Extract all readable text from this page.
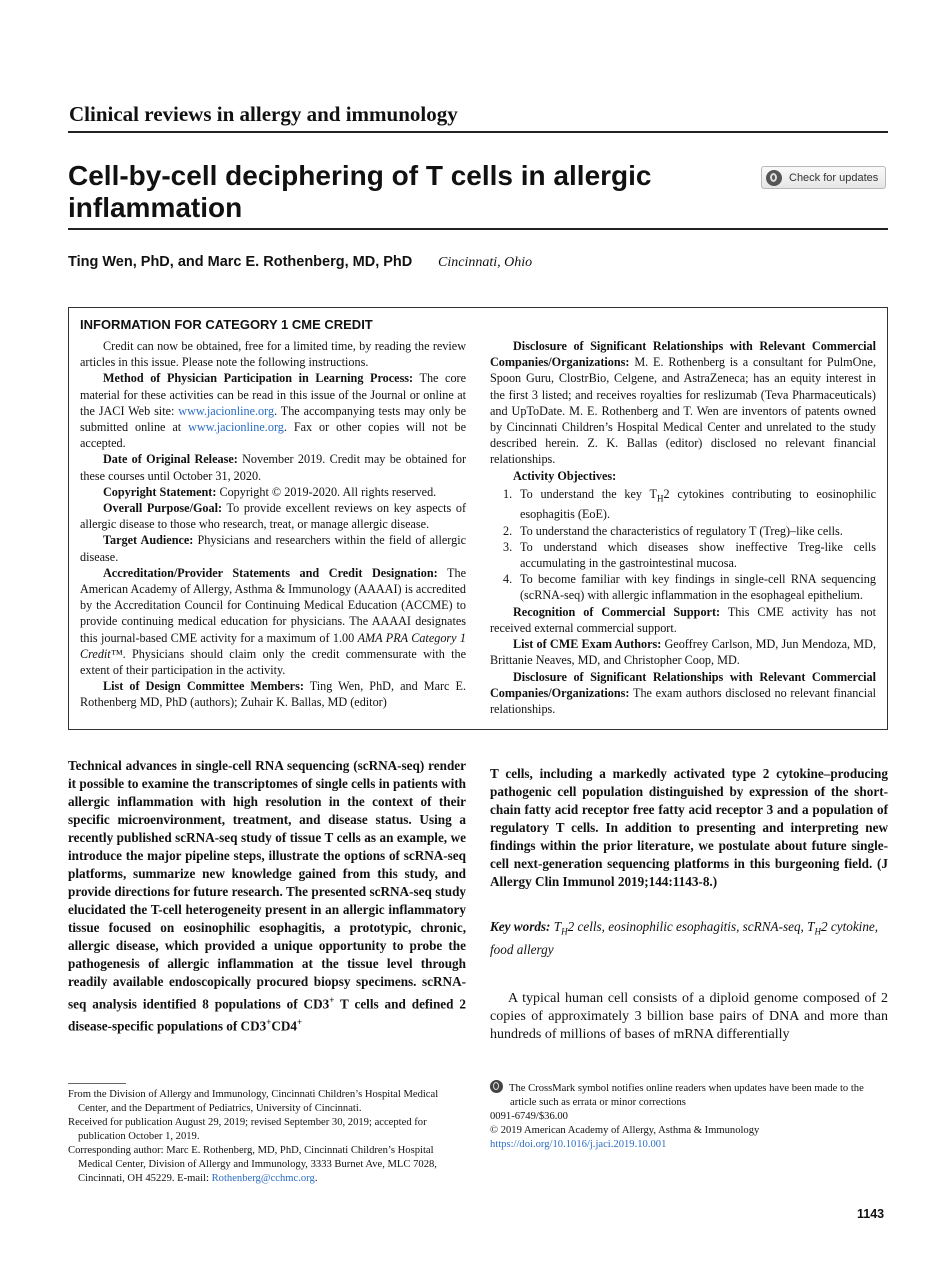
Clinical reviews in allergy and immunology
Cell-by-cell deciphering of T cells in allergic inflammation
Check for updates
Ting Wen, PhD, and Marc E. Rothenberg, MD, PhD Cincinnati, Ohio
INFORMATION FOR CATEGORY 1 CME CREDIT

Credit can now be obtained, free for a limited time, by reading the review articles in this issue. Please note the following instructions.

Method of Physician Participation in Learning Process: The core material for these activities can be read in this issue of the Journal or online at the JACI Web site: www.jacionline.org. The accompanying tests may only be submitted online at www.jacionline.org. Fax or other copies will not be accepted.

Date of Original Release: November 2019. Credit may be obtained for these courses until October 31, 2020.

Copyright Statement: Copyright © 2019-2020. All rights reserved.

Overall Purpose/Goal: To provide excellent reviews on key aspects of allergic disease to those who research, treat, or manage allergic disease.

Target Audience: Physicians and researchers within the field of allergic disease.

Accreditation/Provider Statements and Credit Designation: The American Academy of Allergy, Asthma & Immunology (AAAAI) is accredited by the Accreditation Council for Continuing Medical Education (ACCME) to provide continuing medical education for physicians. The AAAAI designates this journal-based CME activity for a maximum of 1.00 AMA PRA Category 1 Credit™. Physicians should claim only the credit commensurate with the extent of their participation in the activity.

List of Design Committee Members: Ting Wen, PhD, and Marc E. Rothenberg MD, PhD (authors); Zuhair K. Ballas, MD (editor)

Disclosure of Significant Relationships with Relevant Commercial Companies/Organizations: M. E. Rothenberg is a consultant for PulmOne, Spoon Guru, ClostrBio, Celgene, and AstraZeneca; has an equity interest in the first 3 listed; and receives royalties for reslizumab (Teva Pharmaceuticals) and UpToDate. M. E. Rothenberg and T. Wen are inventors of patents owned by Cincinnati Children’s Hospital Medical Center and unrelated to the study described herein. Z. K. Ballas (editor) disclosed no relevant financial relationships.

Activity Objectives:

1. To understand the key $T_H2$ cytokines contributing to eosinophilic esophagitis (EoE).
2. To understand the characteristics of regulatory T (Treg)–like cells.
3. To understand which diseases show ineffective Treg-like cells accumulating in the gastrointestinal mucosa.
4. To become familiar with key findings in single-cell RNA sequencing (scRNA-seq) with allergic inflammation in the esophageal epithelium.

Recognition of Commercial Support: This CME activity has not received external commercial support.

List of CME Exam Authors: Geoffrey Carlson, MD, Jun Mendoza, MD, Brittanie Neaves, MD, and Christopher Coop, MD.

Disclosure of Significant Relationships with Relevant Commercial Companies/Organizations: The exam authors disclosed no relevant financial relationships.

Technical advances in single-cell RNA sequencing (scRNA-seq) render it possible to examine the transcriptomes of single cells in patients with allergic inflammation with high resolution in the context of their specific microenvironment, treatment, and disease status. Using a recently published scRNA-seq study of tissue T cells as an example, we introduce the major pipeline steps, illustrate the options of scRNA-seq platforms, summarize new knowledge gained from this study, and provide directions for future research. The presented scRNA-seq study elucidated the T-cell heterogeneity present in an allergic inflammatory tissue focused on eosinophilic esophagitis, a prototypic, chronic, allergic disease, which provided a unique opportunity to probe the pathogenesis of allergic inflammation at the tissue level through readily available endoscopically procured biopsy specimens. scRNA-seq analysis identified 8 populations of CD3+ T cells and defined 2 disease-specific populations of CD3+CD4+

T cells, including a markedly activated type 2 cytokine–producing pathogenic cell population distinguished by expression of the short-chain fatty acid receptor free fatty acid receptor 3 and a population of regulatory T cells. In addition to presenting and interpreting new findings within the prior literature, we postulate about future single-cell next-generation sequencing platforms in this burgeoning field. (J Allergy Clin Immunol 2019;144:1143-8.)

Key words: $T_H2$ cells, eosinophilic esophagitis, scRNA-seq, $T_H2$ cytokine, food allergy
A typical human cell consists of a diploid genome composed of 2 copies of approximately 3 billion base pairs of DNA and more than hundreds of millions of bases of mRNA differentially

From the Division of Allergy and Immunology, Cincinnati Children’s Hospital Medical Center, and the Department of Pediatrics, University of Cincinnati.

Received for publication August 29, 2019; revised September 30, 2019; accepted for publication October 1, 2019.

Corresponding author: Marc E. Rothenberg, MD, PhD, Cincinnati Children’s Hospital Medical Center, Division of Allergy and Immunology, 3333 Burnet Ave, MLC 7028, Cincinnati, OH 45229. E-mail: Rothenberg@cchmc.org.

The CrossMark symbol notifies online readers when updates have been made to the article such as errata or minor corrections

0091-6749/$36.00

© 2019 American Academy of Allergy, Asthma & Immunology

https://doi.org/10.1016/j.jaci.2019.10.001

1143
